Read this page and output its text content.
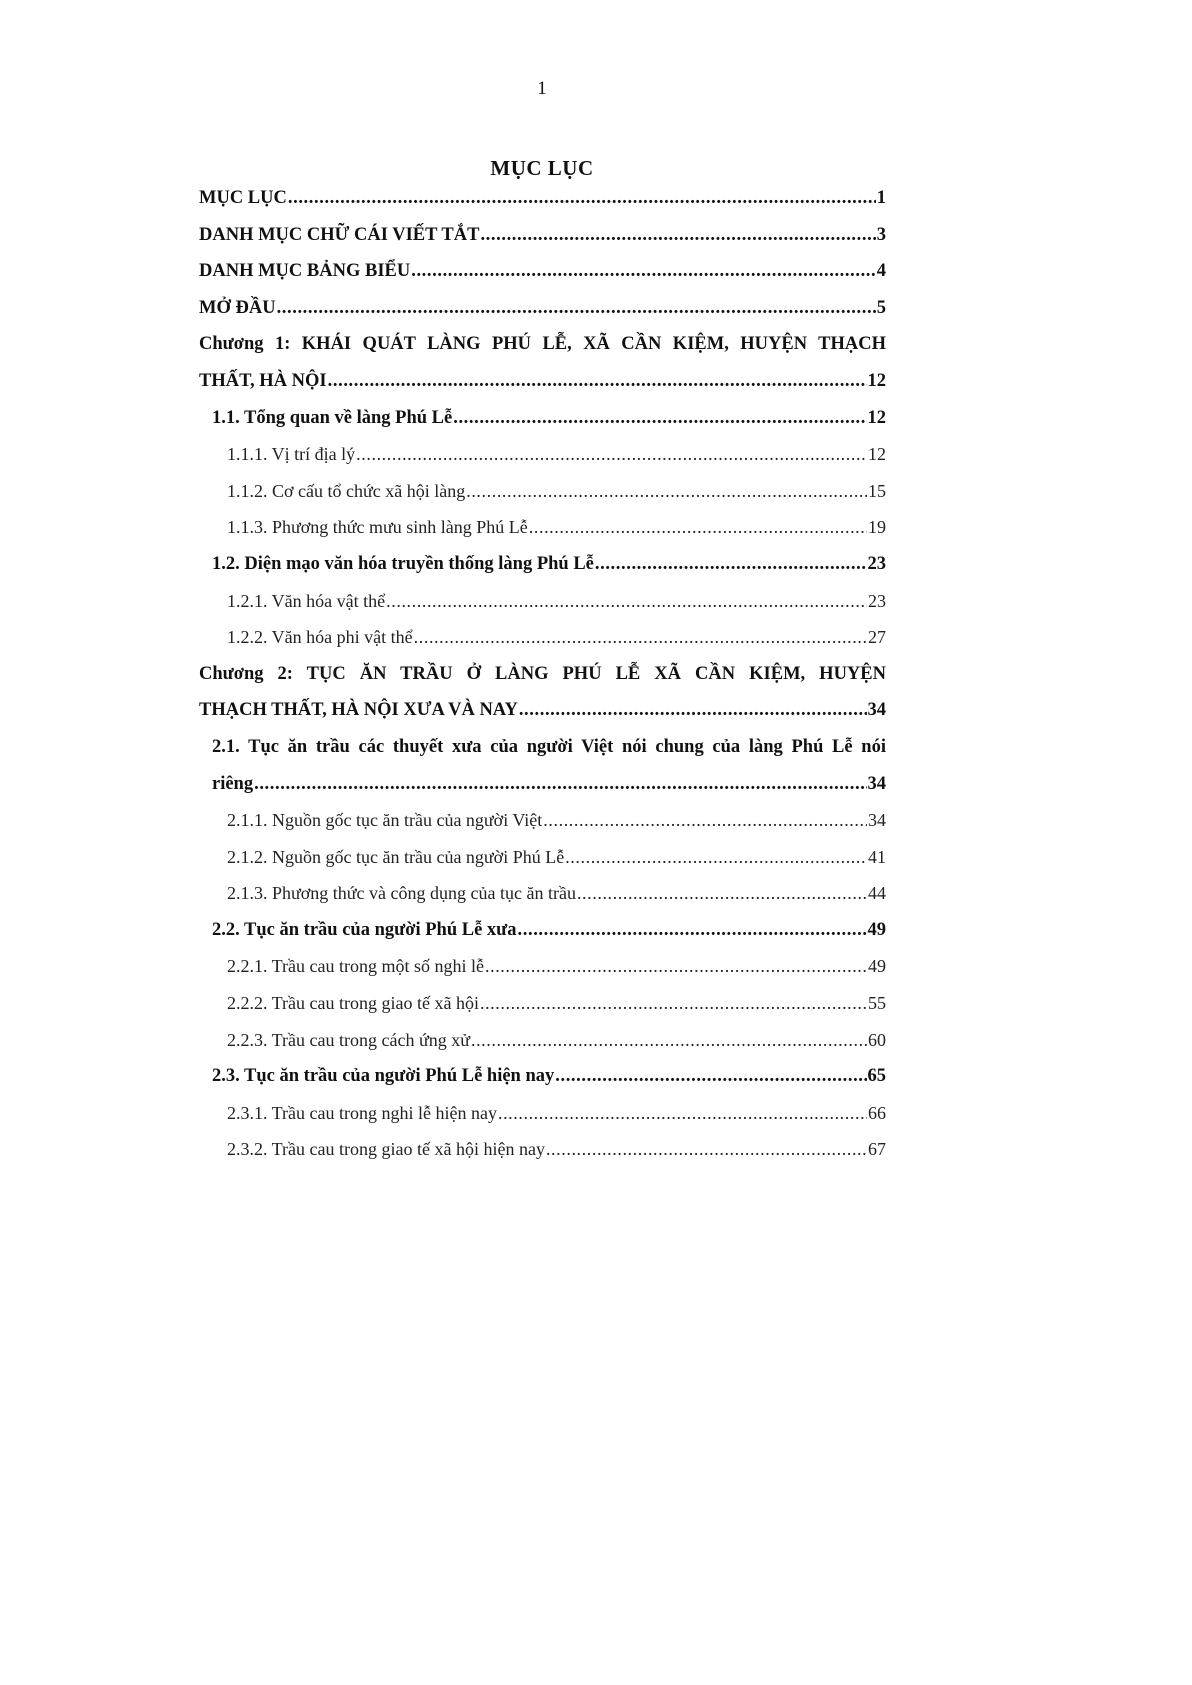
1
MỤC LỤC
MỤC LỤC .....	1
DANH MỤC CHỮ CÁI VIẾT TẮT .....	3
DANH MỤC BẢNG BIỂU .....	4
MỞ ĐẦU .....	5
Chương 1: KHÁI QUÁT LÀNG PHÚ LỄ, XÃ CẦN KIỆM, HUYỆN THẠCH
THẤT, HÀ NỘI .....	12
1.1. Tổng quan về làng Phú Lễ .....	12
1.1.1. Vị trí địa lý .....	12
1.1.2. Cơ cấu tổ chức xã hội làng .....	15
1.1.3. Phương thức mưu sinh làng Phú Lễ .....	19
1.2. Diện mạo văn hóa truyền thống làng Phú Lễ .....	23
1.2.1. Văn hóa vật thể .....	23
1.2.2. Văn hóa phi vật thể .....	27
Chương 2: TỤC ĂN TRẦU Ở LÀNG PHÚ LỄ XÃ CẦN KIỆM, HUYỆN
THẠCH THẤT, HÀ NỘI XƯA VÀ NAY .....	34
2.1. Tục ăn trầu các thuyết xưa của người Việt nói chung của làng Phú Lễ nói
riêng .....	34
2.1.1. Nguồn gốc tục ăn trầu của người Việt .....	34
2.1.2. Nguồn gốc tục ăn trầu của người Phú Lễ .....	41
2.1.3. Phương thức và công dụng của tục ăn trầu .....	44
2.2. Tục ăn trầu của người Phú Lễ xưa .....	49
2.2.1. Trầu cau trong một số nghi lễ .....	49
2.2.2. Trầu cau trong giao tế xã hội .....	55
2.2.3. Trầu cau trong cách ứng xử .....	60
2.3. Tục ăn trầu của người Phú Lễ hiện nay .....	65
2.3.1. Trầu cau trong nghi lễ hiện nay .....	66
2.3.2. Trầu cau trong giao tế xã hội hiện nay .....	67
